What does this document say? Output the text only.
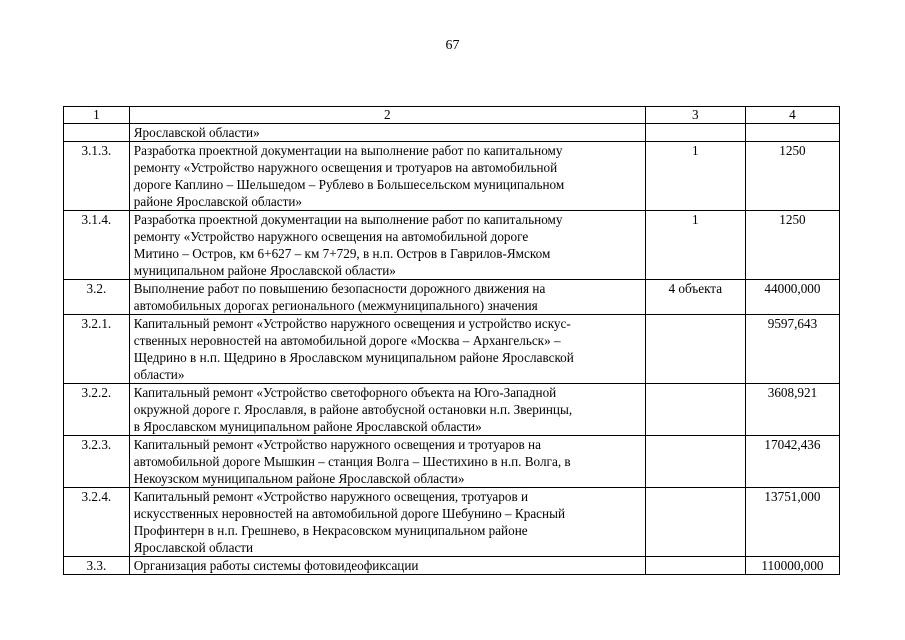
67
1	2	3	4

	Ярославской области»		

3.1.3.	Разработка проектной документации на выполнение работ по капитальному
ремонту «Устройство наружного освещения и тротуаров на автомобильной
дороге Каплино – Шельшедом – Рублево в Большесельском муниципальном
районе Ярославской области»	1	1250
3.1.4.	Разработка проектной документации на выполнение работ по капитальному
ремонту «Устройство наружного освещения на автомобильной дороге
Митино – Остров, км 6+627 – км 7+729, в н.п. Остров в Гаврилов-Ямском
муниципальном районе Ярославской области»	1	1250
3.2.	Выполнение работ по повышению безопасности дорожного движения на
автомобильных дорогах регионального (межмуниципального) значения	4 объекта	44000,000
3.2.1.	Капитальный ремонт «Устройство наружного освещения и устройство искус-
ственных неровностей на автомобильной дороге «Москва – Архангельск» –
Щедрино в н.п. Щедрино в Ярославском муниципальном районе Ярославской
области»		9597,643
3.2.2.	Капитальный ремонт «Устройство светофорного объекта на Юго-Западной
окружной дороге г. Ярославля, в районе автобусной остановки н.п. Зверинцы,
в Ярославском муниципальном районе Ярославской области»		3608,921
3.2.3.	Капитальный ремонт «Устройство наружного освещения и тротуаров на
автомобильной дороге Мышкин – станция Волга – Шестихино в н.п. Волга, в
Некоузском муниципальном районе Ярославской области»		17042,436
3.2.4.	Капитальный ремонт «Устройство наружного освещения, тротуаров и
искусственных неровностей на автомобильной дороге Шебунино – Красный
Профинтерн в н.п. Грешнево, в Некрасовском муниципальном районе
Ярославской области		13751,000
3.3.	Организация работы системы фотовидеофиксации		110000,000
